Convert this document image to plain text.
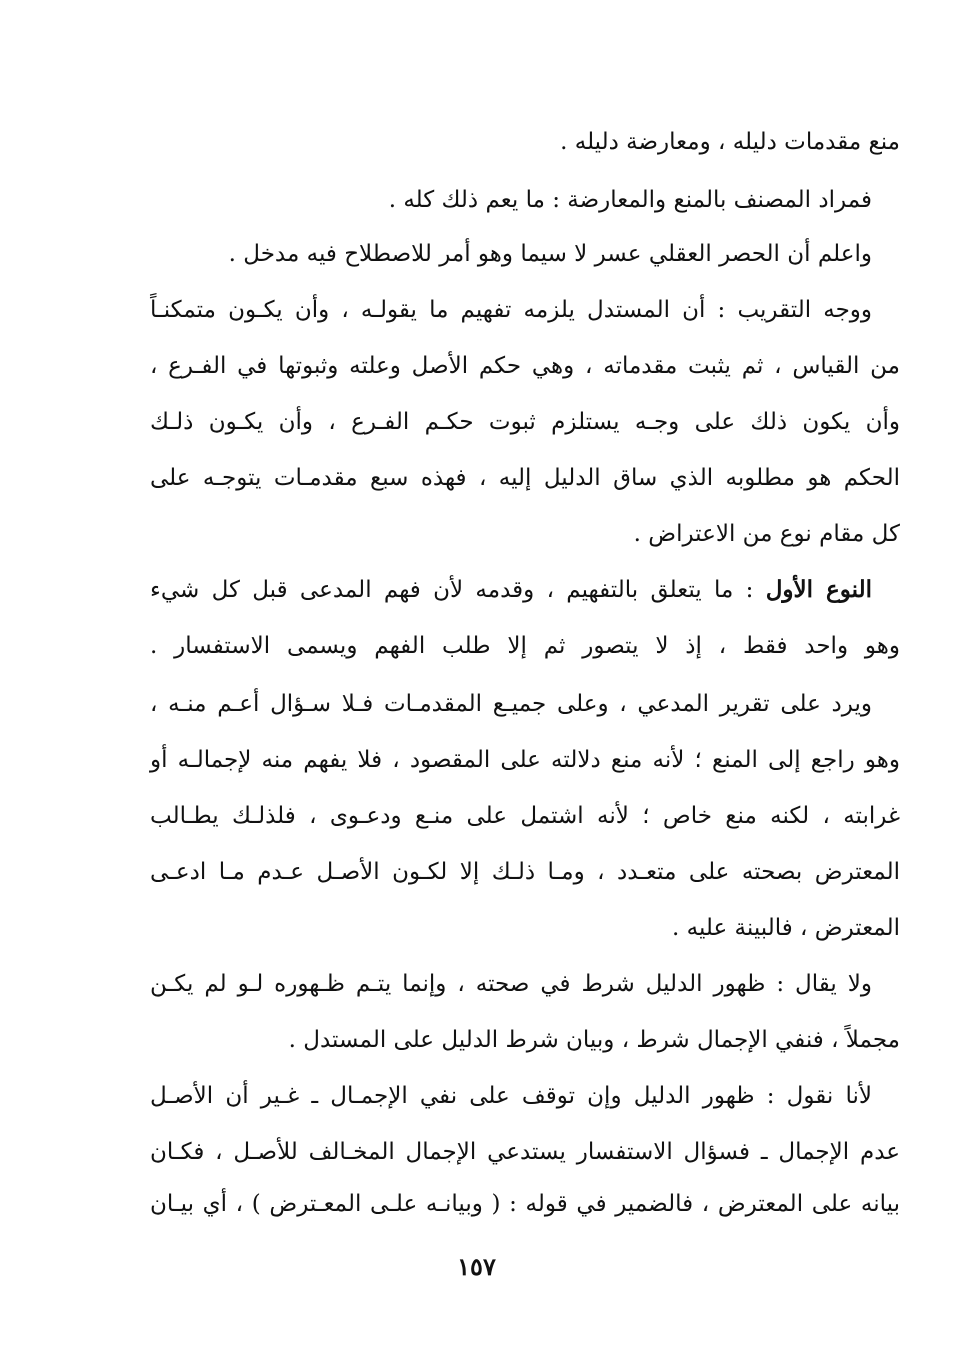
منع مقدمات دليله ، ومعارضة دليله .
فمراد المصنف بالمنع والمعارضة : ما يعم ذلك كله .
واعلم أن الحصر العقلي عسر لا سيما وهو أمر للاصطلاح فيه مدخل .
ووجه التقريب : أن المستدل يلزمه تفهيم ما يقولـه ، وأن يكـون متمكنـاً
من القياس ، ثم يثبت مقدماته ، وهي حكم الأصل وعلته وثبوتها في الفـرع ،
وأن يكون ذلك على وجـه يستلزم ثبوت حكـم الفـرع ، وأن يكـون ذلـك
الحكم هو مطلوبه الذي ساق الدليل إليه ، فهذه سبع مقدمـات يتوجـه على
كل مقام نوع من الاعتراض .
النوع الأول : ما يتعلق بالتفهيم ، وقدمه لأن فهم المدعى قبل كل شيء
وهو واحد فقط ، إذ لا يتصور ثم إلا طلب الفهم ويسمى الاستفسار .
ويرد على تقرير المدعي ، وعلى جميـع المقدمـات فـلا سـؤال أعـم منـه ،
وهو راجع إلى المنع ؛ لأنه منع دلالته على المقصود ، فلا يفهم منه لإجمالـه أو
غرابته ، لكنه منع خاص ؛ لأنه اشتمل على منـع ودعـوى ، فلذلـك يطـالب
المعترض بصحته على متعـدد ، ومـا ذلـك إلا لكـون الأصـل عـدم مـا ادعـى
المعترض ، فالبينة عليه .
ولا يقال : ظهور الدليل شرط في صحته ، وإنما يتـم ظـهوره لـو لم يكـن
مجملاً ، فنفي الإجمال شرط ، وبيان شرط الدليل على المستدل .
لأنا نقول : ظهور الدليل وإن توقف على نفي الإجمـال ـ غـير أن الأصـل
عدم الإجمال ـ فسؤال الاستفسار يستدعي الإجمال المخـالف للأصـل ، فكـان
بيانه على المعترض ، فالضمير في قوله : ( وبيانـه علـى المعـترض ) ، أي بيـان
١٥٧
